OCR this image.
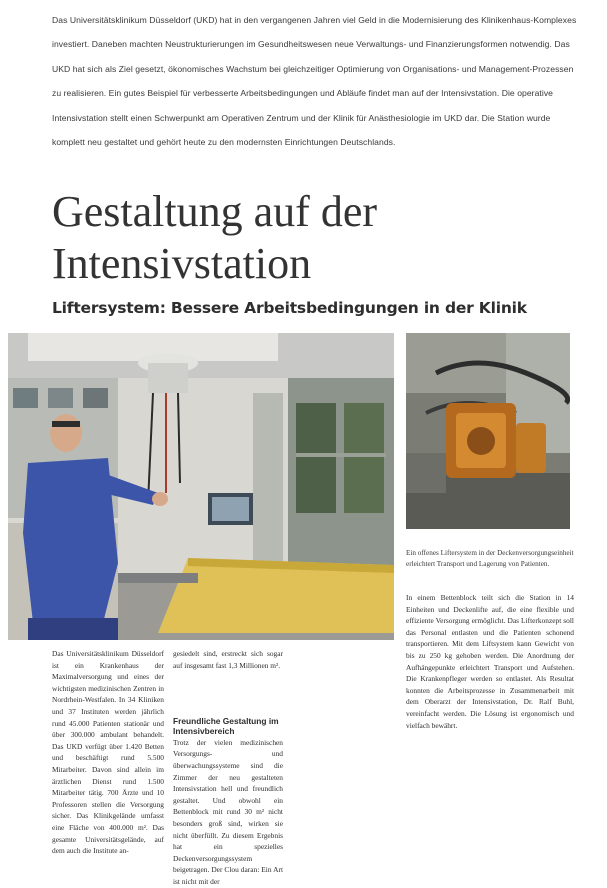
Das Universitätsklinikum Düsseldorf (UKD) hat in den vergangenen Jahren viel Geld in die Modernisierung des Klinikenhaus-Komplexes investiert. Daneben machten Neustrukturierungen im Gesundheitswesen neue Verwaltungs- und Finanzierungsformen notwendig. Das UKD hat sich als Ziel gesetzt, ökonomisches Wachstum bei gleichzeitiger Optimierung von Organisations- und Management-Prozessen zu realisieren. Ein gutes Beispiel für verbesserte Arbeitsbedingungen und Abläufe findet man auf der Intensivstation. Die operative Intensivstation stellt einen Schwerpunkt am Operativen Zentrum und der Klinik für Anästhesiologie im UKD dar. Die Station wurde komplett neu gestaltet und gehört heute zu den modernsten Einrichtungen Deutschlands.
Gestaltung auf der
Intensivstation
Liftersystem: Bessere Arbeitsbedingungen in der Klinik

Das Universitätsklinikum Düsseldorf ist ein Krankenhaus der Maximalversorgung und eines der wichtigsten medizinischen Zentren in Nordrhein-Westfalen. In 34 Kliniken und 37 Instituten werden jährlich rund 45.000 Patienten stationär und über 300.000 ambulant behandelt. Das UKD verfügt über 1.420 Betten und beschäftigt rund 5.500 Mitarbeiter. Davon sind allein im ärztlichen Dienst rund 1.500 Mitarbeiter tätig. 700 Ärzte und 10 Professoren stellen die Versorgung sicher. Das Klinikgelände umfasst eine Fläche von 400.000 m². Das gesamte Universitätsgelände, auf dem auch die Institute an-

gesiedelt sind, erstreckt sich sogar auf insgesamt fast 1,3 Millionen m².

Freundliche Gestaltung im Intensivbereich

Trotz der vielen medizinischen Versorgungs- und überwachungssysteme sind die Zimmer der neu gestalteten Intensivstation hell und freundlich gestaltet. Und obwohl ein Bettenblock mit rund 30 m² nicht besonders groß sind, wirken sie nicht überfüllt. Zu diesem Ergebnis hat ein spezielles Deckenversorgungssystem beigetragen. Der Clou daran: Ein Art ist nicht mit der

Ein offenes Liftersystem in der Deckenversorgungseinheit erleichtert Transport und Lagerung von Patienten.

In einem Bettenblock teilt sich die Station in 14 Einheiten und Deckenlifte auf, die eine flexible und effiziente Versorgung ermöglicht. Das Lifterkonzept soll das Personal entlasten und die Patienten schonend transportieren. Mit dem Liftsystem kann Gewicht von bis zu 250 kg gehoben werden. Die Anordnung der Aufhängepunkte erleichtert Transport und Aufstehen. Die Krankenpfleger werden so entlastet. Als Resultat konnten die Arbeitsprozesse in Zusammenarbeit mit dem Oberarzt der Intensivstation, Dr. Ralf Buhl, vereinfacht werden. Die Lösung ist ergonomisch und vielfach bewährt.
